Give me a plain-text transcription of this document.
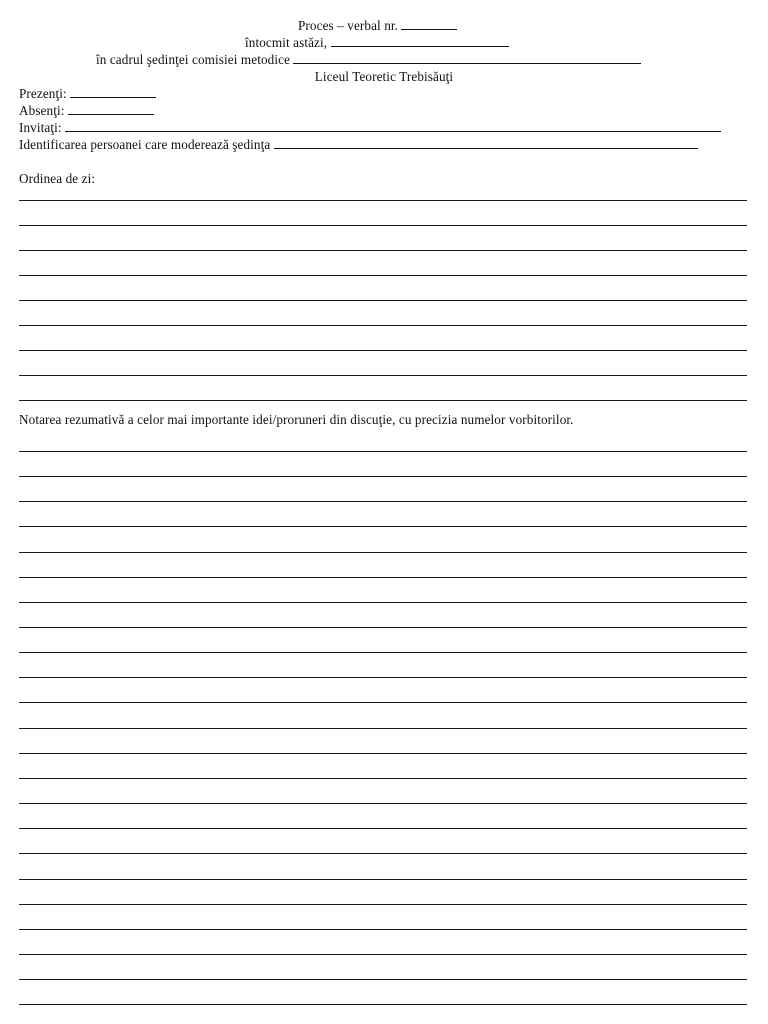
Proces – verbal nr.
întocmit astăzi,
în cadrul şedinţei comisiei metodice
Liceul Teoretic Trebisăuţi
Prezenţi:
Absenţi:
Invitaţi:
Identificarea persoanei care moderează şedinţa
Ordinea de zi:
Notarea rezumativă a celor mai importante idei/proruneri din discuţie, cu precizia numelor vorbitorilor.
